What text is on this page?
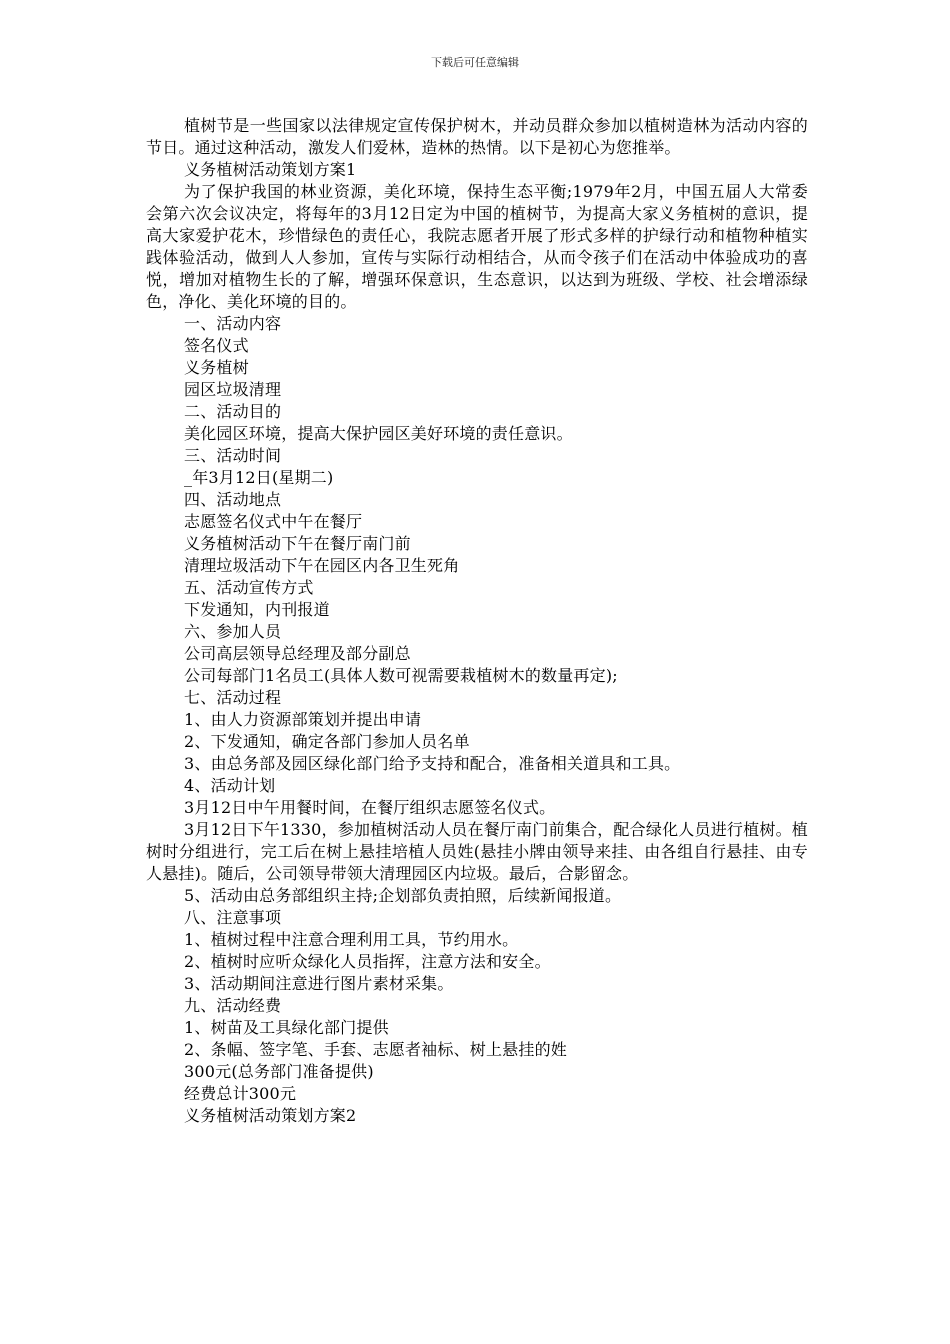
下载后可任意编辑

植树节是一些国家以法律规定宣传保护树木，并动员群众参加以植树造林为活动内容的节日。通过这种活动，激发人们爱林，造林的热情。以下是初心为您推举。

义务植树活动策划方案1

为了保护我国的林业资源，美化环境，保持生态平衡;1979年2月，中国五届人大常委会第六次会议决定，将每年的3月12日定为中国的植树节，为提高大家义务植树的意识，提高大家爱护花木，珍惜绿色的责任心，我院志愿者开展了形式多样的护绿行动和植物种植实践体验活动，做到人人参加，宣传与实际行动相结合，从而令孩子们在活动中体验成功的喜悦，增加对植物生长的了解，增强环保意识，生态意识，以达到为班级、学校、社会增添绿色，净化、美化环境的目的。

一、活动内容

签名仪式

义务植树

园区垃圾清理

二、活动目的

美化园区环境，提高大保护园区美好环境的责任意识。

三、活动时间

_年3月12日(星期二)

四、活动地点

志愿签名仪式中午在餐厅

义务植树活动下午在餐厅南门前

清理垃圾活动下午在园区内各卫生死角

五、活动宣传方式

下发通知，内刊报道

六、参加人员

公司高层领导总经理及部分副总

公司每部门1名员工(具体人数可视需要栽植树木的数量再定);

七、活动过程

1、由人力资源部策划并提出申请

2、下发通知，确定各部门参加人员名单

3、由总务部及园区绿化部门给予支持和配合，准备相关道具和工具。

4、活动计划

3月12日中午用餐时间，在餐厅组织志愿签名仪式。

3月12日下午1330，参加植树活动人员在餐厅南门前集合，配合绿化人员进行植树。植树时分组进行，完工后在树上悬挂培植人员姓(悬挂小牌由领导来挂、由各组自行悬挂、由专人悬挂)。随后，公司领导带领大清理园区内垃圾。最后，合影留念。

5、活动由总务部组织主持;企划部负责拍照，后续新闻报道。

八、注意事项

1、植树过程中注意合理利用工具，节约用水。

2、植树时应听众绿化人员指挥，注意方法和安全。

3、活动期间注意进行图片素材采集。

九、活动经费

1、树苗及工具绿化部门提供

2、条幅、签字笔、手套、志愿者袖标、树上悬挂的姓

300元(总务部门准备提供)

经费总计300元

义务植树活动策划方案2
